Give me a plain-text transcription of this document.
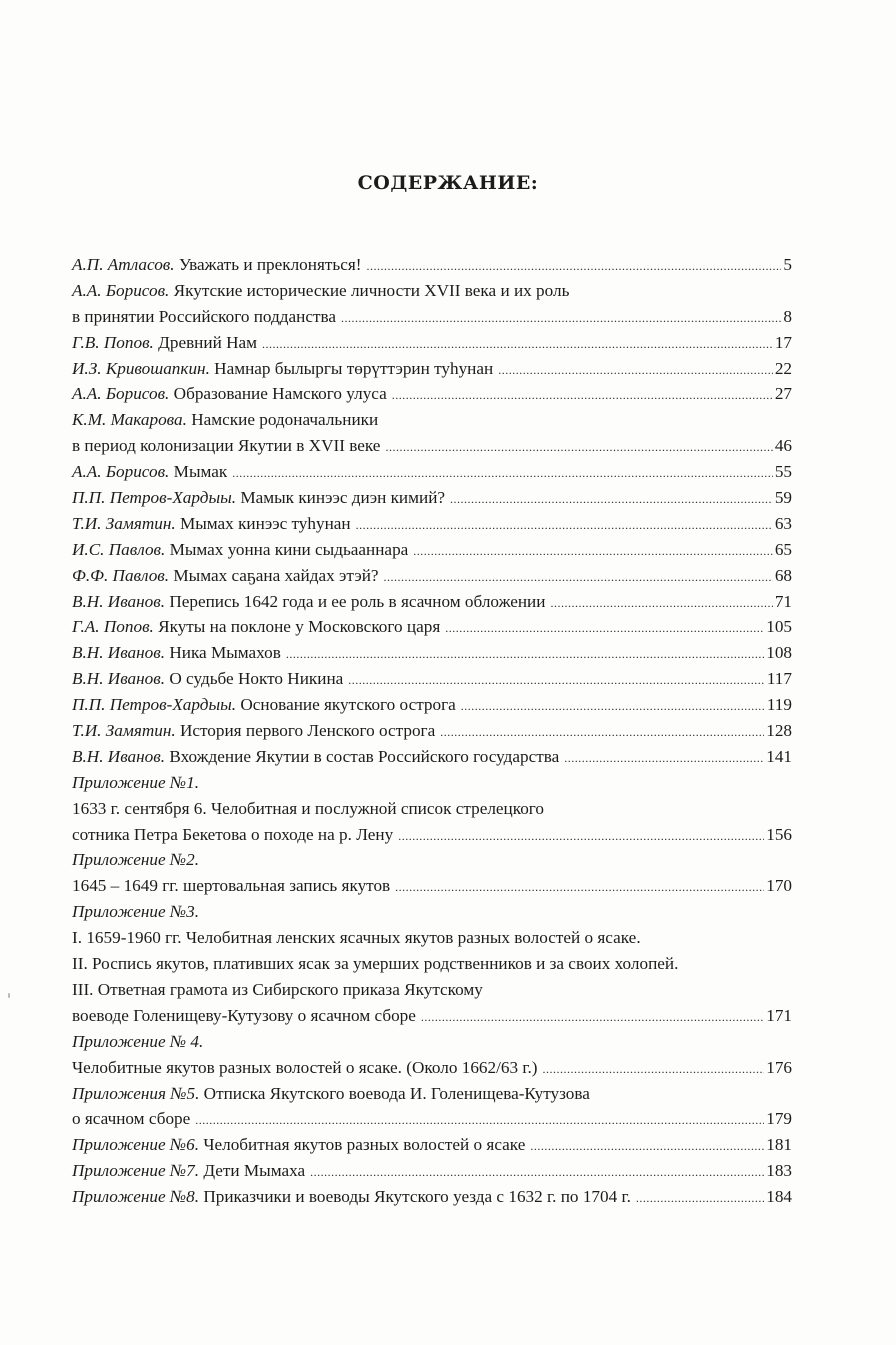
СОДЕРЖАНИЕ:
А.П. Атласов. Уважать и преклоняться! .....	5
А.А. Борисов. Якутские исторические личности XVII века и их роль
в принятии Российского подданства .....	8
Г.В. Попов. Древний Нам .....	17
И.З. Кривошапкин. Намнар былыргы төрүттэрин туһунан .....	22
А.А. Борисов. Образование Намского улуса .....	27
К.М. Макарова. Намские родоначальники
в период колонизации Якутии в XVII веке .....	46
А.А. Борисов. Мымак .....	55
П.П. Петров-Хардыы. Мамык кинээс диэн кимий? .....	59
Т.И. Замятин. Мымах кинээс туһунан .....	63
И.С. Павлов. Мымах уонна кини сыдьааннара .....	65
Ф.Ф. Павлов. Мымах саҕана хайдах этэй? .....	68
В.Н. Иванов. Перепись 1642 года и ее роль в ясачном обложении .....	71
Г.А. Попов. Якуты на поклоне у Московского царя .....	105
В.Н. Иванов. Ника Мымахов .....	108
В.Н. Иванов. О судьбе Нокто Никина .....	117
П.П. Петров-Хардыы. Основание якутского острога .....	119
Т.И. Замятин. История первого Ленского острога .....	128
В.Н. Иванов. Вхождение Якутии в состав Российского государства .....	141
Приложение №1.
1633 г. сентября 6. Челобитная и послужной список стрелецкого
сотника Петра Бекетова о походе на р. Лену .....	156
Приложение №2.
1645 – 1649 гг. шертовальная запись якутов .....	170
Приложение №3.
I. 1659-1960 гг. Челобитная ленских ясачных якутов разных волостей о ясаке.
II. Роспись якутов, плативших ясак за умерших родственников и за своих холопей.
III. Ответная грамота из Сибирского приказа Якутскому
воеводе Голенищеву-Кутузову о ясачном сборе .....	171
Приложение № 4.
Челобитные якутов разных волостей о ясаке. (Около 1662/63 г.) .....	176
Приложения №5. Отписка Якутского воевода И. Голенищева-Кутузова
о ясачном сборе .....	179
Приложение №6. Челобитная якутов разных волостей о ясаке .....	181
Приложение №7. Дети Мымаха .....	183
Приложение №8. Приказчики и воеводы Якутского уезда с 1632 г. по 1704 г. .....	184
